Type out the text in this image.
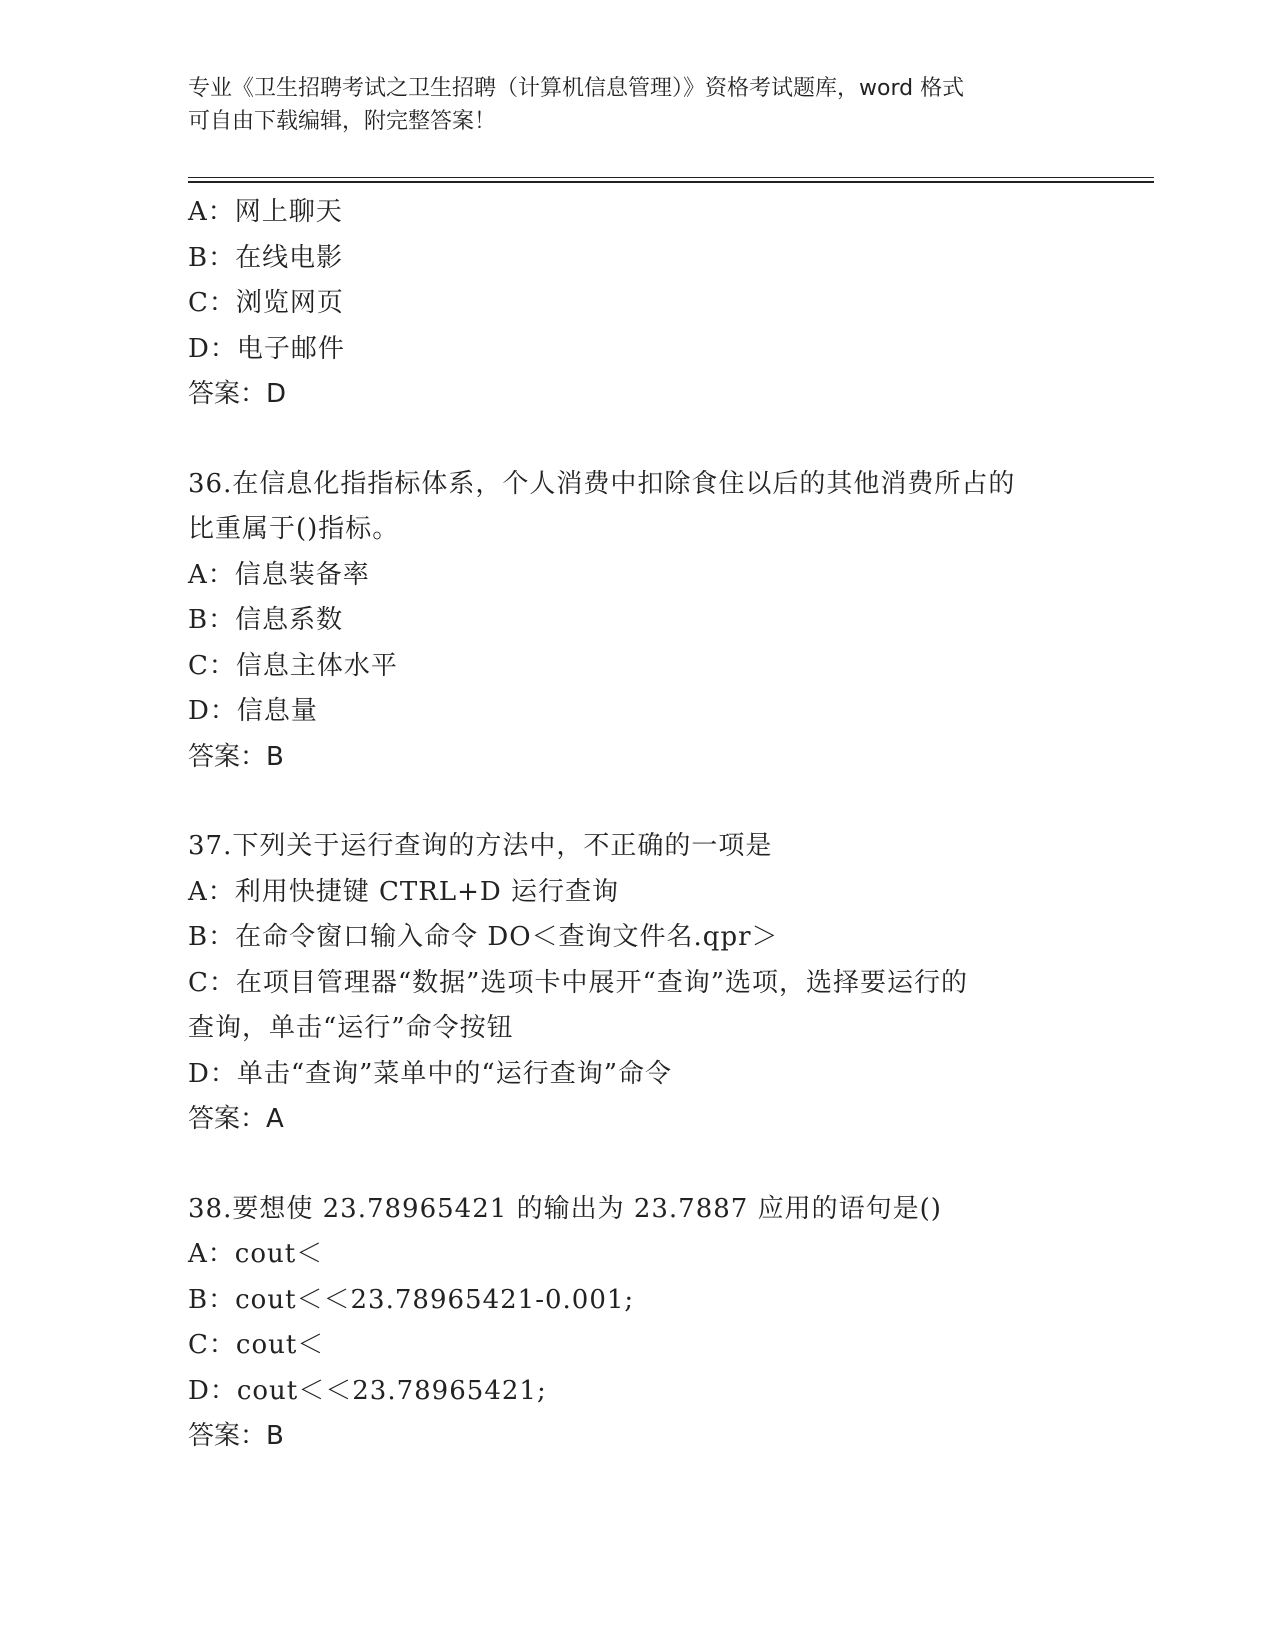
专业《卫生招聘考试之卫生招聘（计算机信息管理）》资格考试题库，word 格式
可自由下载编辑，附完整答案！
A：网上聊天
B：在线电影
C：浏览网页
D：电子邮件
答案：D
36.在信息化指指标体系，个人消费中扣除食住以后的其他消费所占的
比重属于()指标。
A：信息装备率
B：信息系数
C：信息主体水平
D：信息量
答案：B
37.下列关于运行查询的方法中，不正确的一项是
A：利用快捷键 CTRL+D 运行查询
B：在命令窗口输入命令 DO＜查询文件名.qpr＞
C：在项目管理器“数据”选项卡中展开“查询”选项，选择要运行的
查询，单击“运行”命令按钮
D：单击“查询”菜单中的“运行查询”命令
答案：A
38.要想使 23.78965421 的输出为 23.7887 应用的语句是()
A：cout＜
B：cout＜＜23.78965421-0.001;
C：cout＜
D：cout＜＜23.78965421;
答案：B
